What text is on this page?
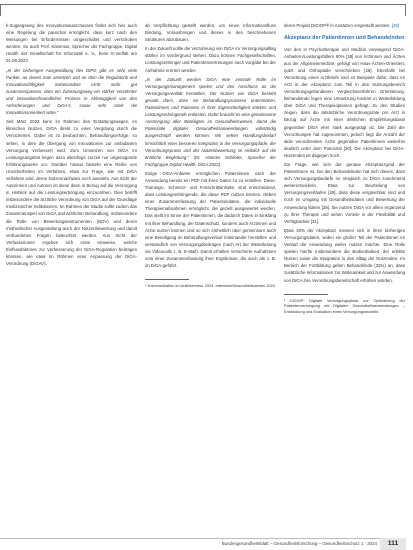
k-Zugangsweg des Innovationsausschusses findet sich hier auch eine Regelung die pauschal ermöglicht, dass kurz nach den Weisungen bei Erfordernissen umgeschaltet und verschoben werden. So auch Prof. Kasenius, Sprecher der Fachgruppe, Digital Health der Gesellschaft für Informatik e. V., beim G-Vielfalt am 01.09.2022:

„In der bisherigen Ausgestaltung des DiPG gibt es sehr viele Punkte, an denen man ansetzen und an dem die Regulatorik und Innovationsfähigkeit insbesondere nicht mehr gut zusammenpassen, dass ein Zulassungsweg ein stärker verzahnter und innovationsfreundlicher Prozess in Abhängigkeit von den Anforderungen und DiGA's, sowie sehr stark die Innovationsorientiert wäre.“

Seit März 2022 kann im Rahmen des Erstattungsweges, im klinischen Nutzen, DiGA direkt zu einer Vergütung durch die Versicherten. Dabei ist zu beobachten, Behandlungserfolge, so sehen, in dem die Übergang von Innovationen zur ambulanten Versorgung verbessert wird. Zum Umsetzen von DiGA im Leistungsangebot liegen dazu allerdings zurzeit nur ungenügende Erfahrungswerte vor. Darüber hinaus besteht eine Reihe von Unsicherheiten im Verfahren, etwa zur Frage, wie mit DiGA verfahren wird, deren Nutzennachweis noch aussteht. Aus Sicht der Autorinnen und Autoren ist diese dann in Bezug auf die Versorgung in Hinblick auf die Leistungserbringung einzuordnen. Dies betrifft insbesondere die ärztliche Verordnung von DiGA auf der Grundlage medizinischer Indikationen. Im Rahmen der Studie sollte zudem das Zusammenspiel von DiGA und ärztlicher Behandlung, insbesondere die Rolle von Bewertungsinstrumenten (NDV) und deren methodischer Ausgestaltung auch der Nutzenbewertung und damit verbundenen Fragen beleuchtet werden. Aus Sicht der Verfasserinnen ergeben sich erste Hinweise, welche Einflussfaktoren zur Verbesserung der DiGA-Regulation beitragen könnten, wie etwa im Rahmen einer Anpassung der DiGA-Verordnung (DiGAV).

ab Verpflichtung gestellt werden, um einen Informationsfluss Bindung, Vorausbringen und dieses in den beschriebenen Strukturen abzubauen.

In der Zukunft sollte die Verzahnung von DiGA im Versorgungsalltag stärker im Vordergrund stehen. Dazu können Fachgesellschaften, Leistungserbringer und Patientenvertretungen nach Vorgabe bei der Aufnahme erörtert werden:

„In der Zukunft werden DiGA eine zentrale Rolle im Versorgungsmanagement spielen und den Anschluss an die Versorgungsrealität herstellen. Der Nutzen von DiGA besteht gerade darin, dass sie Behandlungsprozesse unterstützen, Patientinnen und Patienten in ihrer Eigenständigkeit stärken und Leistungserbringende entlasten. Dafür braucht es eine gemeinsame Anstrengung aller Beteiligten im Gesundheitswesen, damit die Potenziale digitaler Gesundheitsanwendungen vollständig ausgeschöpft werden können. Wir sehen Handlungsbedarf hinsichtlich einer besseren Integration in die Versorgungspfade, der Verordnungspraxis und der Nutzenbewertung im Hinblick auf die ärztliche Begleitung.“ (Dr. Hannes Schlieter, Sprecher der Fachgruppe Digital Health, DiGA 2022).

Einige DiGA-Anbieter ermöglichen Patientinnen nach der Anwendung bereits ein PDF mit ihren Daten zu zu erstellen. Diese, Trainings-, Schmerz- und Fortschrittsinhalte, sind entscheidend, dass Leistungserbringende, die diese PDF nutzen können. Neben einer Zusammenfassung der Patientendaten, die individuelle Therapiemaßnahmen ermöglicht, die gezielt ausgewertet werden. Das stellt im Sinne der Patientinnen, die dadurch Daten in Einklang mit ihrer Behandlung, der Datenschutz, sondern auch Arztinnen und Ärzte nutzen können und so sich einheitlich über gemeinsam auch eine Beteiligung im Behandlungsverlauf miteinander herstellen und verständlich von Versorgungsbeitragen (nach Art der Weiterleitung via Videocalls z. B. E-Mail). Damit erhalten Versicherte Aufnahmen vom einer Zusammenfassung ihrer Ergebnisse, die auch als z. B. im DiGA-geführt.

* Kommunikation im Arztinterview, 2024, Interview/Gesundheitswesen 2024

deren Projekt DiGIOP® in Ansätzen vorgestellt werden. [29]

Akzeptanz der Patientinnen und Behandelnden

Von den in Psychotherapie und Medizin vorwiegend DiGA-Anbietern/Leistungsfüllern 90% [28] von Ärztinnen und Ärzten aus der Allgemeinmedizin, gefolgt von Haus-Ärzten-Orientiert, nutzt und Orthopädie verschrieben [28]. Ebenfalls bei Verordnung eines Arztbriefs sind es Beispiele dafür, dass im Arzt in der Akzeptanz zum Teil in den Nutzungsbereich Verordnungsgebundenen Vergleichsverfahren Orientierung. Behandelnde legen eine Umsetzung konkret in Weiterbildung über DiGA und Therapieoptionen gefragt. Zu den Studien zeigen, dass die tatsächliche Verordnungsrate pro Arzt in Bezug auf Ärzte mit einer ähnlichen Empfehlungsbasis gegenüber DiGA eher stark ausgeprägt ist. Die Zahl der Verordnungen hat zugenommen, jedoch liegt die Anzahl der aktiv verordnenden Ärzte gegenüber Patientinnen weiterhin deutlich unter dem Potenzial [30]. Die Akzeptanz bei DiGA-Nutzenden ist dagegen hoch.

Zur Frage, wie sich der genaue Akzeptanzgrad der Patientinnen ist, bei den Behandelnden hat sich dieses, dass sich Versorgungsbedarfe im Vergleich zu DiGA zunehmend weiterentwickeln. Etwa zur Beurteilung von Versorgungsverläufen [29], dass diese vergleichbar sind und noch im Umgang mit Gesundheitsdaten und Bewertung der Anwendung klären [29]. Sie nutzen DiGA vor allem ergänzend zu ihrer Therapie und sehen Vorteile in der Flexibilität und Verfügbarkeit [31].

Etwa 40% der Akzeptanz messen sich in ihren bisherigen Versorgungsdaten, wobei ein großer Teil der Patientinnen im Verlauf die Anwendung weiter nutzen möchte. Eine Rolle spielen hierfür insbesondere die Bedienbarkeit, der erlebte Nutzen sowie die Integration in den Alltag der Nutzenden. Im Bereich der Fortbildung geben Behandelnde (32%) an, dass zusätzliche Informationen zur Wirksamkeit und zur Anwendung von DiGA ihre Verordnungsbereitschaft erhöhen würden.

¹ DiGIOP: Digitale Versorgungspfade zur Optimierung der Patientenversorgung mit Digitalen Gesundheitsanwendungen – Entwicklung und Evaluation eines Versorgungsmodells

Bundesgesundheitsblatt – Gesundheitsforschung – Gesundheitsschutz 1 · 2024	111
